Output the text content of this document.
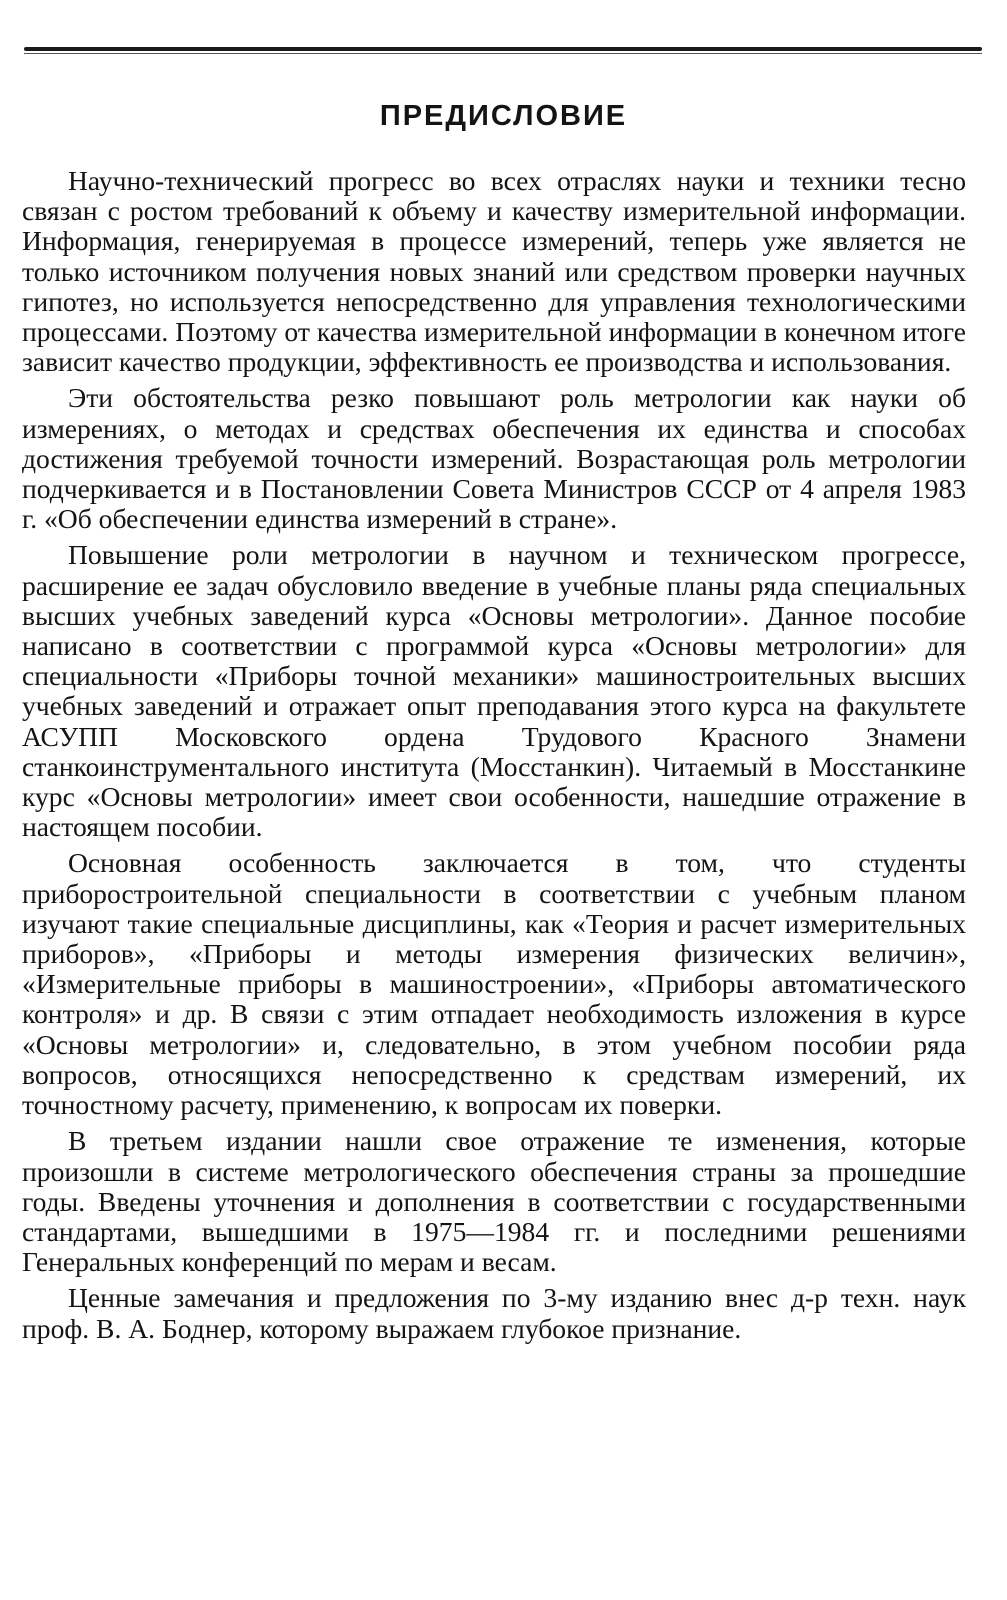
ПРЕДИСЛОВИЕ

Научно-технический прогресс во всех отраслях науки и техники тесно связан с ростом требований к объему и качеству измерительной информации. Информация, генерируемая в процессе измерений, теперь уже является не только источником получения новых знаний или средством проверки научных гипотез, но используется непосредственно для управления технологическими процессами. Поэтому от качества измерительной информации в конечном итоге зависит качество продукции, эффективность ее производства и использования.

Эти обстоятельства резко повышают роль метрологии как науки об измерениях, о методах и средствах обеспечения их единства и способах достижения требуемой точности измерений. Возрастающая роль метрологии подчеркивается и в Постановлении Совета Министров СССР от 4 апреля 1983 г. «Об обеспечении единства измерений в стране».

Повышение роли метрологии в научном и техническом прогрессе, расширение ее задач обусловило введение в учебные планы ряда специальных высших учебных заведений курса «Основы метрологии». Данное пособие написано в соответствии с программой курса «Основы метрологии» для специальности «Приборы точной механики» машиностроительных высших учебных заведений и отражает опыт преподавания этого курса на факультете АСУПП Московского ордена Трудового Красного Знамени станкоинструментального института (Мосстанкин). Читаемый в Мосстанкине курс «Основы метрологии» имеет свои особенности, нашедшие отражение в настоящем пособии.

Основная особенность заключается в том, что студенты приборостроительной специальности в соответствии с учебным планом изучают такие специальные дисциплины, как «Теория и расчет измерительных приборов», «Приборы и методы измерения физических величин», «Измерительные приборы в машиностроении», «Приборы автоматического контроля» и др. В связи с этим отпадает необходимость изложения в курсе «Основы метрологии» и, следовательно, в этом учебном пособии ряда вопросов, относящихся непосредственно к средствам измерений, их точностному расчету, применению, к вопросам их поверки.

В третьем издании нашли свое отражение те изменения, которые произошли в системе метрологического обеспечения страны за прошедшие годы. Введены уточнения и дополнения в соответствии с государственными стандартами, вышедшими в 1975—1984 гг. и последними решениями Генеральных конференций по мерам и весам.

Ценные замечания и предложения по 3-му изданию внес д-р техн. наук проф. В. А. Боднер, которому выражаем глубокое признание.
